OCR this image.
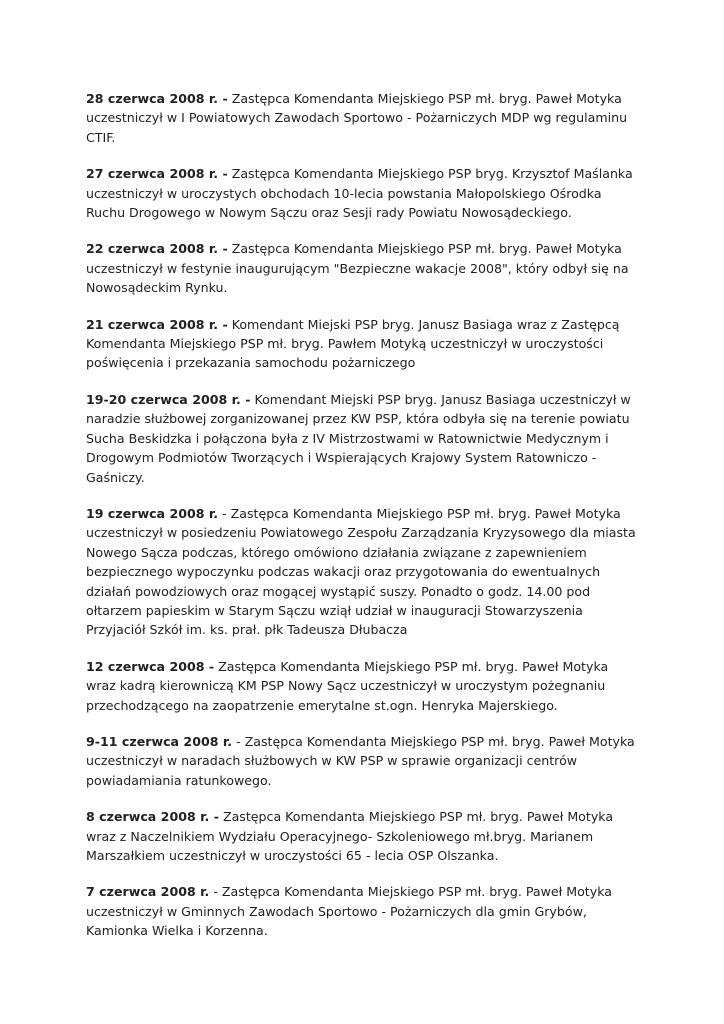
28 czerwca 2008 r. - Zastępca Komendanta Miejskiego PSP mł. bryg. Paweł Motyka uczestniczył w I Powiatowych Zawodach Sportowo - Pożarniczych MDP wg regulaminu CTIF.

27 czerwca 2008 r. - Zastępca Komendanta Miejskiego PSP bryg. Krzysztof Maślanka uczestniczył w uroczystych obchodach 10-lecia powstania Małopolskiego Ośrodka Ruchu Drogowego w Nowym Sączu oraz Sesji rady Powiatu Nowosądeckiego.

22 czerwca 2008 r. - Zastępca Komendanta Miejskiego PSP mł. bryg. Paweł Motyka uczestniczył w festynie inaugurującym "Bezpieczne wakacje 2008", który odbył się na Nowosądeckim Rynku.

21 czerwca 2008 r. - Komendant Miejski PSP bryg. Janusz Basiaga wraz z Zastępcą Komendanta Miejskiego PSP mł. bryg. Pawłem Motyką uczestniczył w uroczystości poświęcenia i przekazania samochodu pożarniczego

19-20 czerwca 2008 r. - Komendant Miejski PSP bryg. Janusz Basiaga uczestniczył w naradzie służbowej zorganizowanej przez KW PSP, która odbyła się na terenie powiatu Sucha Beskidzka i połączona była z IV Mistrzostwami w Ratownictwie Medycznym i Drogowym Podmiotów Tworzących i Wspierających Krajowy System Ratowniczo - Gaśniczy.

19 czerwca 2008 r. - Zastępca Komendanta Miejskiego PSP mł. bryg. Paweł Motyka uczestniczył w posiedzeniu Powiatowego Zespołu Zarządzania Kryzysowego dla miasta Nowego Sącza podczas, którego omówiono działania związane z zapewnieniem bezpiecznego wypoczynku podczas wakacji oraz przygotowania do ewentualnych działań powodziowych oraz mogącej wystąpić suszy. Ponadto o godz. 14.00 pod ołtarzem papieskim w Starym Sączu wziął udział w inauguracji Stowarzyszenia Przyjaciół Szkół im. ks. prał. płk Tadeusza Dłubacza

12 czerwca 2008 - Zastępca Komendanta Miejskiego PSP mł. bryg. Paweł Motyka wraz kadrą kierowniczą KM PSP Nowy Sącz uczestniczył w uroczystym pożegnaniu przechodzącego na zaopatrzenie emerytalne st.ogn. Henryka Majerskiego.

9-11 czerwca 2008 r. - Zastępca Komendanta Miejskiego PSP mł. bryg. Paweł Motyka uczestniczył w naradach służbowych w KW PSP w sprawie organizacji centrów powiadamiania ratunkowego.

8 czerwca 2008 r. - Zastępca Komendanta Miejskiego PSP mł. bryg. Paweł Motyka wraz z Naczelnikiem Wydziału Operacyjnego- Szkoleniowego mł.bryg. Marianem Marszałkiem uczestniczył w uroczystości 65 - lecia OSP Olszanka.

7 czerwca 2008 r. - Zastępca Komendanta Miejskiego PSP mł. bryg. Paweł Motyka uczestniczył w Gminnych Zawodach Sportowo - Pożarniczych dla gmin Grybów, Kamionka Wielka i Korzenna.
